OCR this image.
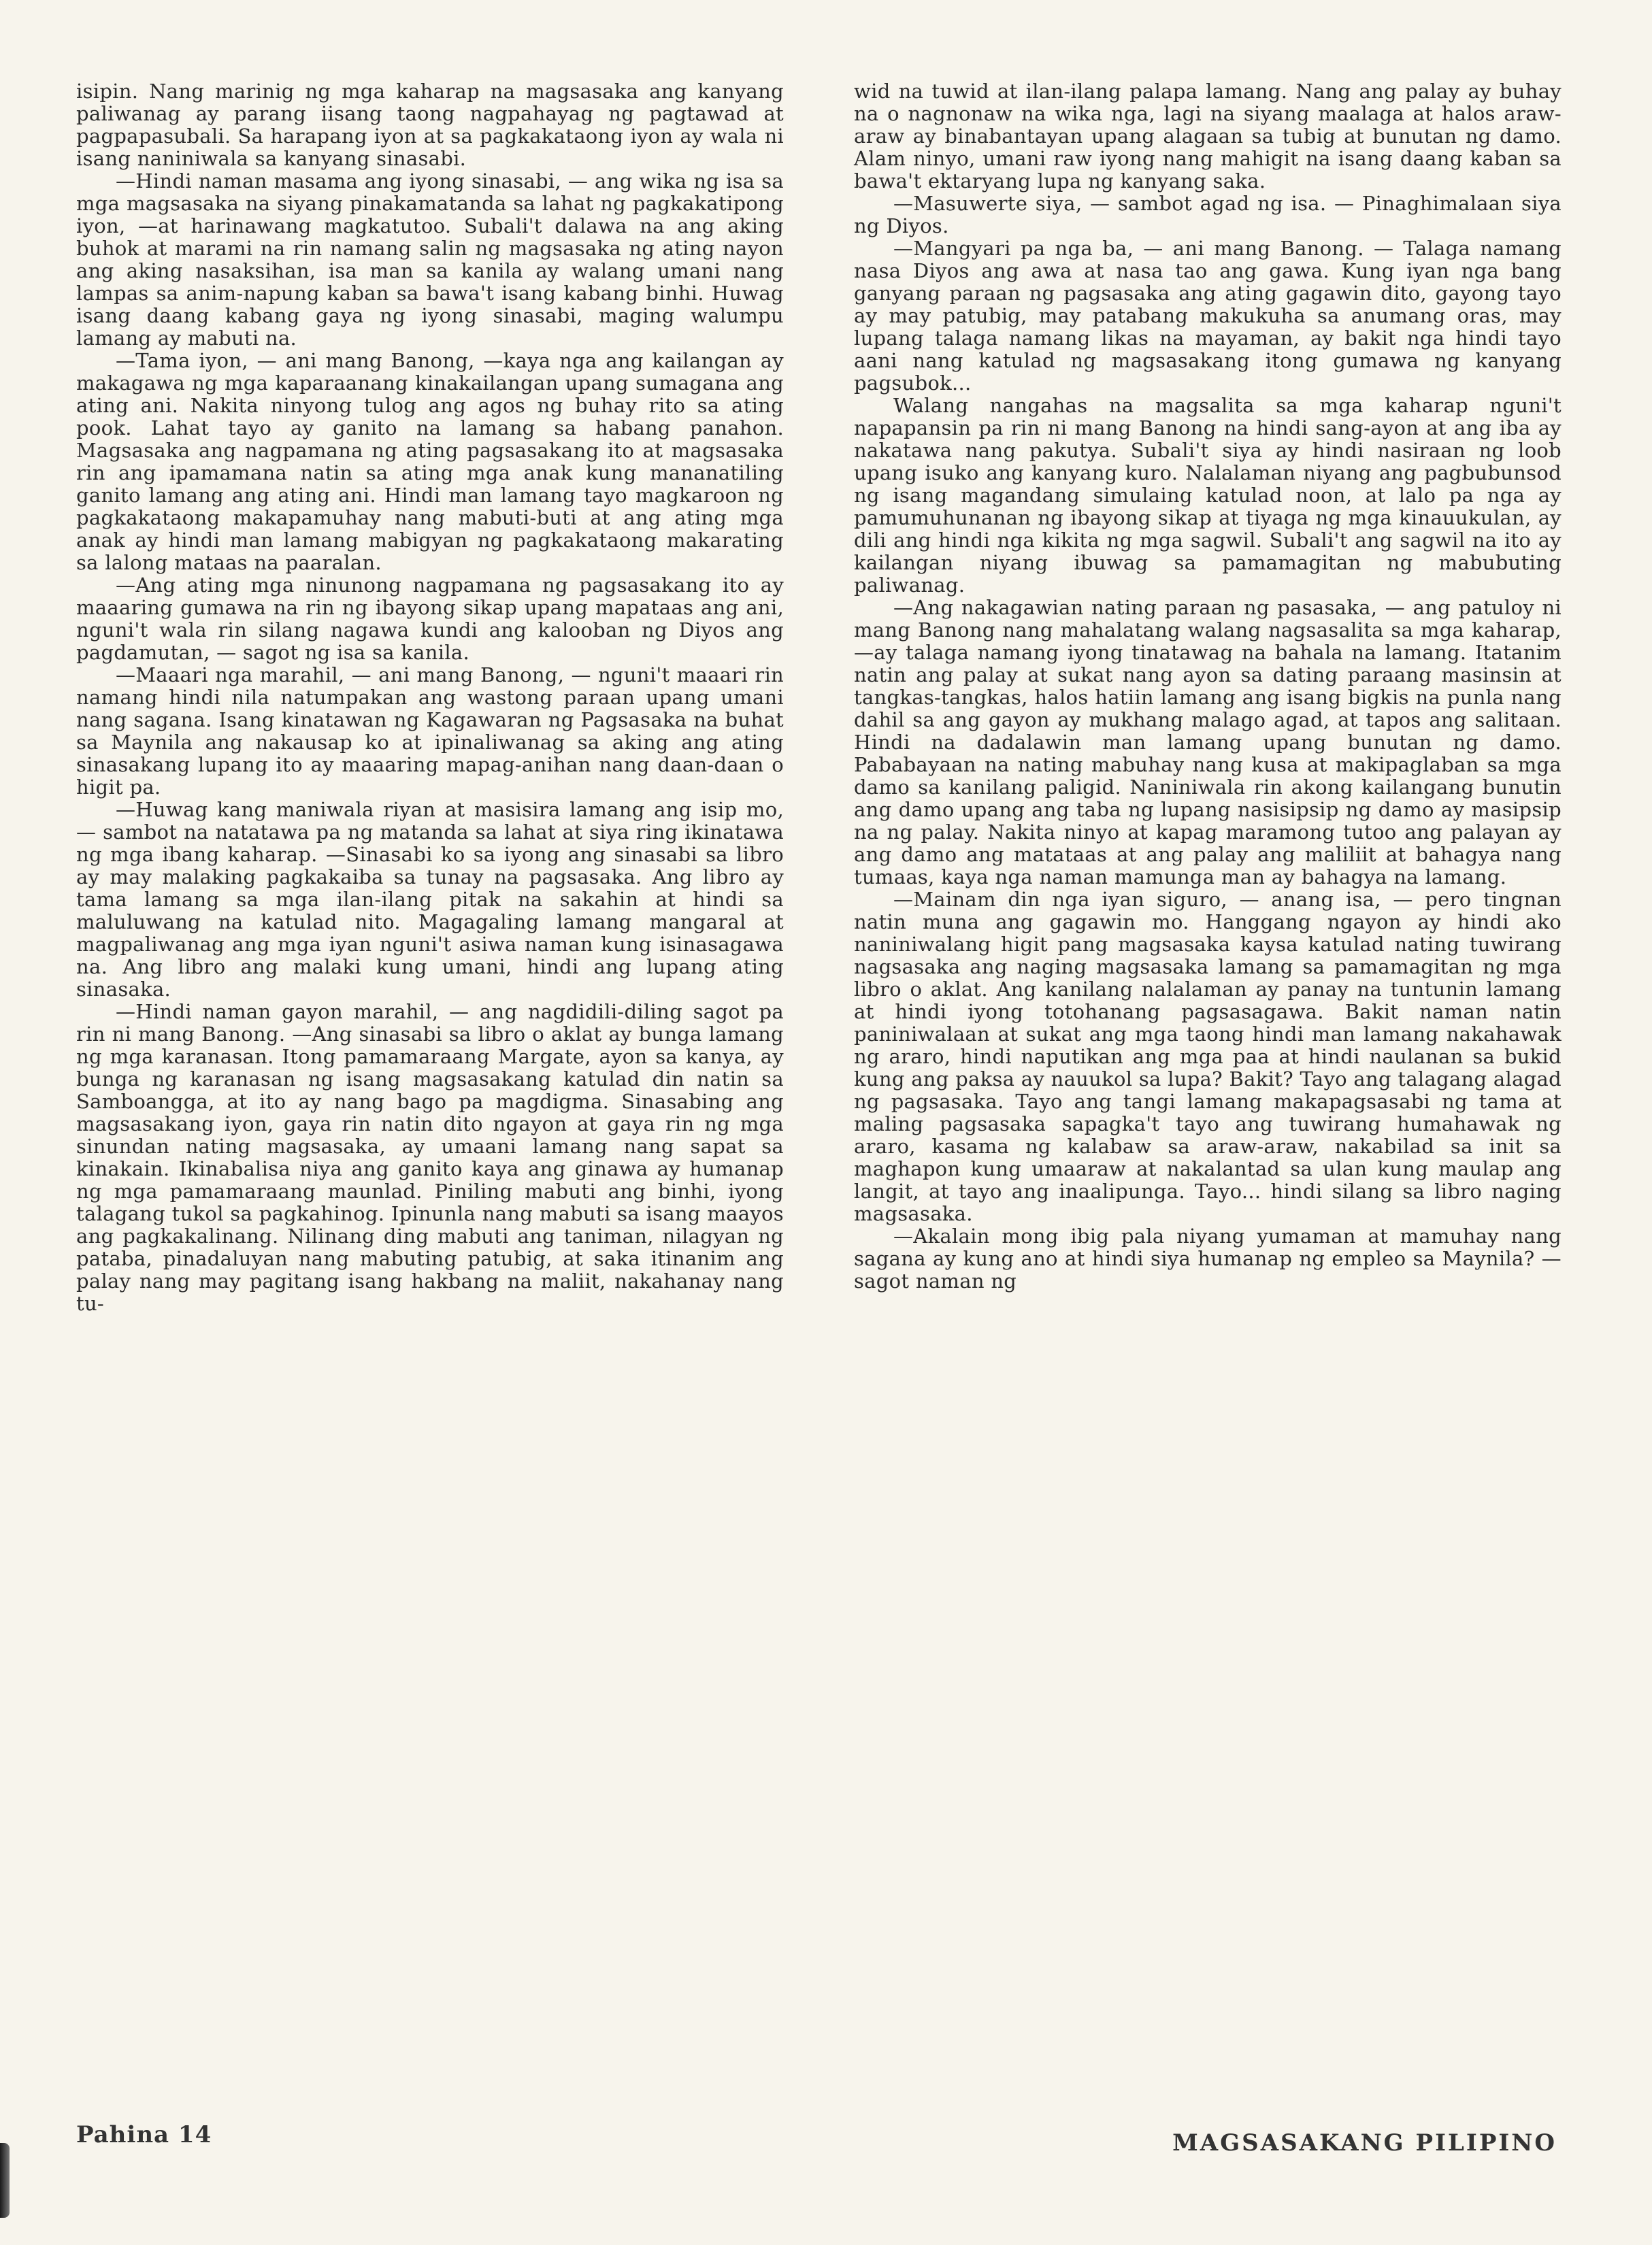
isipin. Nang marinig ng mga kaharap na magsasaka ang kanyang paliwanag ay parang iisang taong nagpahayag ng pagtawad at pagpapasubali. Sa harapang iyon at sa pagkakataong iyon ay wala ni isang naniniwala sa kanyang sinasabi.

—Hindi naman masama ang iyong sinasabi, — ang wika ng isa sa mga magsasaka na siyang pinakamatanda sa lahat ng pagkakatipong iyon, —at harinawang magkatutoo. Subali't dalawa na ang aking buhok at marami na rin namang salin ng magsasaka ng ating nayon ang aking nasaksihan, isa man sa kanila ay walang umani nang lampas sa anim-napung kaban sa bawa't isang kabang binhi. Huwag isang daang kabang gaya ng iyong sinasabi, maging walumpu lamang ay mabuti na.

—Tama iyon, — ani mang Banong, —kaya nga ang kailangan ay makagawa ng mga kaparaanang kinakailangan upang sumagana ang ating ani. Nakita ninyong tulog ang agos ng buhay rito sa ating pook. Lahat tayo ay ganito na lamang sa habang panahon. Magsasaka ang nagpamana ng ating pagsasakang ito at magsasaka rin ang ipamamana natin sa ating mga anak kung mananatiling ganito lamang ang ating ani. Hindi man lamang tayo magkaroon ng pagkakataong makapamuhay nang mabuti-buti at ang ating mga anak ay hindi man lamang mabigyan ng pagkakataong makarating sa lalong mataas na paaralan.

—Ang ating mga ninunong nagpamana ng pagsasakang ito ay maaaring gumawa na rin ng ibayong sikap upang mapataas ang ani, nguni't wala rin silang nagawa kundi ang kalooban ng Diyos ang pagdamutan, — sagot ng isa sa kanila.

—Maaari nga marahil, — ani mang Banong, — nguni't maaari rin namang hindi nila natumpakan ang wastong paraan upang umani nang sagana. Isang kinatawan ng Kagawaran ng Pagsasaka na buhat sa Maynila ang nakausap ko at ipinaliwanag sa aking ang ating sinasakang lupang ito ay maaaring mapag-anihan nang daan-daan o higit pa.

—Huwag kang maniwala riyan at masisira lamang ang isip mo, — sambot na natatawa pa ng matanda sa lahat at siya ring ikinatawa ng mga ibang kaharap. —Sinasabi ko sa iyong ang sinasabi sa libro ay may malaking pagkakaiba sa tunay na pagsasaka. Ang libro ay tama lamang sa mga ilan-ilang pitak na sakahin at hindi sa maluluwang na katulad nito. Magagaling lamang mangaral at magpaliwanag ang mga iyan nguni't asiwa naman kung isinasagawa na. Ang libro ang malaki kung umani, hindi ang lupang ating sinasaka.

—Hindi naman gayon marahil, — ang nagdidili-diling sagot pa rin ni mang Banong. —Ang sinasabi sa libro o aklat ay bunga lamang ng mga karanasan. Itong pamamaraang Margate, ayon sa kanya, ay bunga ng karanasan ng isang magsasakang katulad din natin sa Samboangga, at ito ay nang bago pa magdigma. Sinasabing ang magsasakang iyon, gaya rin natin dito ngayon at gaya rin ng mga sinundan nating magsasaka, ay umaani lamang nang sapat sa kinakain. Ikinabalisa niya ang ganito kaya ang ginawa ay humanap ng mga pamamaraang maunlad. Piniling mabuti ang binhi, iyong talagang tukol sa pagkahinog. Ipinunla nang mabuti sa isang maayos ang pagkakalinang. Nilinang ding mabuti ang taniman, nilagyan ng pataba, pinadaluyan nang mabuting patubig, at saka itinanim ang palay nang may pagitang isang hakbang na maliit, nakahanay nang tu-

wid na tuwid at ilan-ilang palapa lamang. Nang ang palay ay buhay na o nagnonaw na wika nga, lagi na siyang maalaga at halos araw-araw ay binabantayan upang alagaan sa tubig at bunutan ng damo. Alam ninyo, umani raw iyong nang mahigit na isang daang kaban sa bawa't ektaryang lupa ng kanyang saka.

—Masuwerte siya, — sambot agad ng isa. — Pinaghimalaan siya ng Diyos.

—Mangyari pa nga ba, — ani mang Banong. — Talaga namang nasa Diyos ang awa at nasa tao ang gawa. Kung iyan nga bang ganyang paraan ng pagsasaka ang ating gagawin dito, gayong tayo ay may patubig, may patabang makukuha sa anumang oras, may lupang talaga namang likas na mayaman, ay bakit nga hindi tayo aani nang katulad ng magsasakang itong gumawa ng kanyang pagsubok...

Walang nangahas na magsalita sa mga kaharap nguni't napapansin pa rin ni mang Banong na hindi sang-ayon at ang iba ay nakatawa nang pakutya. Subali't siya ay hindi nasiraan ng loob upang isuko ang kanyang kuro. Nalalaman niyang ang pagbubunsod ng isang magandang simulaing katulad noon, at lalo pa nga ay pamumuhunanan ng ibayong sikap at tiyaga ng mga kinauukulan, ay dili ang hindi nga kikita ng mga sagwil. Subali't ang sagwil na ito ay kailangan niyang ibuwag sa pamamagitan ng mabubuting paliwanag.

—Ang nakagawian nating paraan ng pasasaka, — ang patuloy ni mang Banong nang mahalatang walang nagsasalita sa mga kaharap, —ay talaga namang iyong tinatawag na bahala na lamang. Itatanim natin ang palay at sukat nang ayon sa dating paraang masinsin at tangkas-tangkas, halos hatiin lamang ang isang bigkis na punla nang dahil sa ang gayon ay mukhang malago agad, at tapos ang salitaan. Hindi na dadalawin man lamang upang bunutan ng damo. Pababayaan na nating mabuhay nang kusa at makipaglaban sa mga damo sa kanilang paligid. Naniniwala rin akong kailangang bunutin ang damo upang ang taba ng lupang nasisipsip ng damo ay masipsip na ng palay. Nakita ninyo at kapag maramong tutoo ang palayan ay ang damo ang matataas at ang palay ang maliliit at bahagya nang tumaas, kaya nga naman mamunga man ay bahagya na lamang.

—Mainam din nga iyan siguro, — anang isa, — pero tingnan natin muna ang gagawin mo. Hanggang ngayon ay hindi ako naniniwalang higit pang magsasaka kaysa katulad nating tuwirang nagsasaka ang naging magsasaka lamang sa pamamagitan ng mga libro o aklat. Ang kanilang nalalaman ay panay na tuntunin lamang at hindi iyong totohanang pagsasagawa. Bakit naman natin paniniwalaan at sukat ang mga taong hindi man lamang nakahawak ng araro, hindi naputikan ang mga paa at hindi naulanan sa bukid kung ang paksa ay nauukol sa lupa? Bakit? Tayo ang talagang alagad ng pagsasaka. Tayo ang tangi lamang makapagsasabi ng tama at maling pagsasaka sapagka't tayo ang tuwirang humahawak ng araro, kasama ng kalabaw sa araw-araw, nakabilad sa init sa maghapon kung umaaraw at nakalantad sa ulan kung maulap ang langit, at tayo ang inaalipunga. Tayo... hindi silang sa libro naging magsasaka.

—Akalain mong ibig pala niyang yumaman at mamuhay nang sagana ay kung ano at hindi siya humanap ng empleo sa Maynila? — sagot naman ng

Pahina 14	MAGSASAKANG PILIPINO
